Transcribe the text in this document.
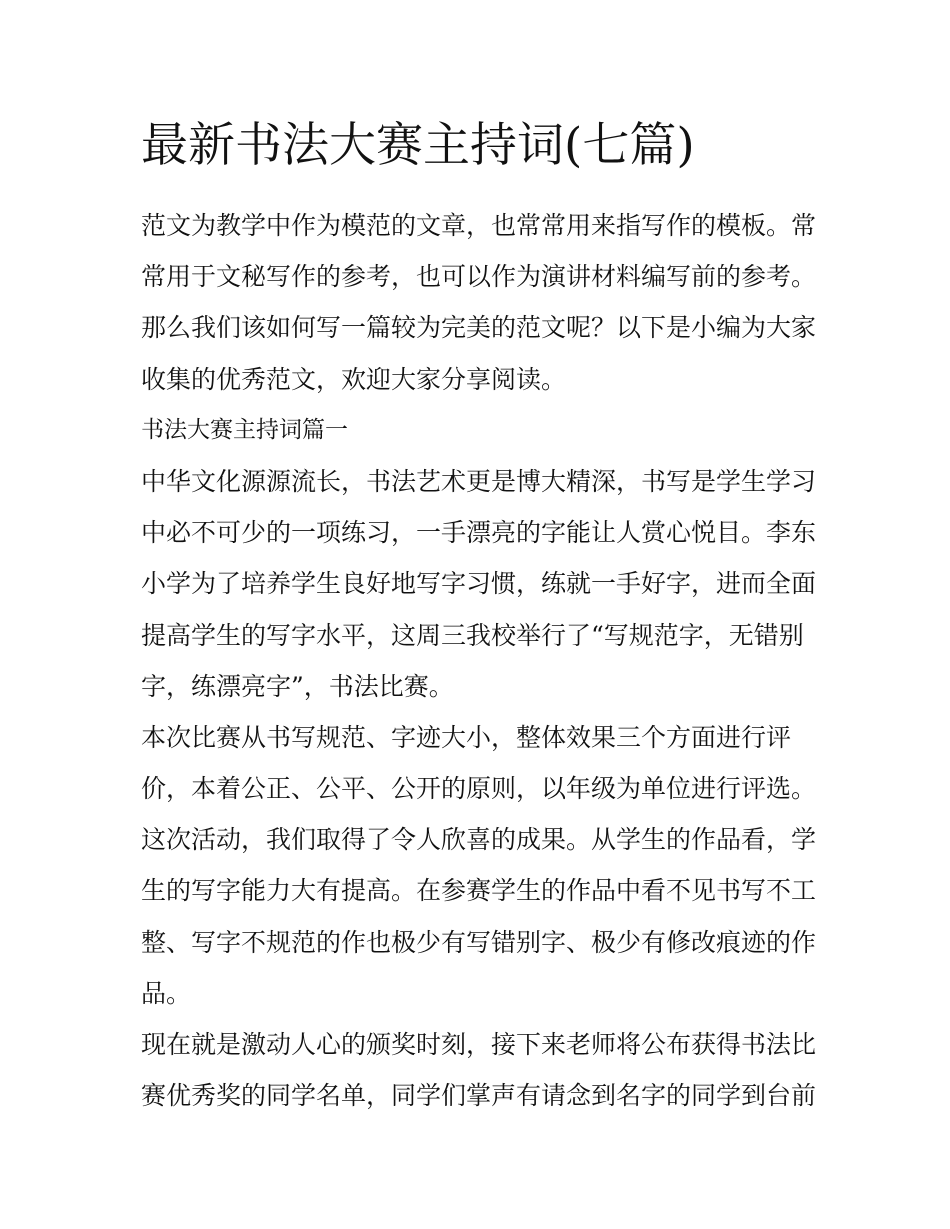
最新书法大赛主持词(七篇)
范文为教学中作为模范的文章，也常常用来指写作的模板。常
常用于文秘写作的参考，也可以作为演讲材料编写前的参考。
那么我们该如何写一篇较为完美的范文呢？以下是小编为大家
收集的优秀范文，欢迎大家分享阅读。
书法大赛主持词篇一
中华文化源源流长，书法艺术更是博大精深，书写是学生学习
中必不可少的一项练习，一手漂亮的字能让人赏心悦目。李东
小学为了培养学生良好地写字习惯，练就一手好字，进而全面
提高学生的写字水平，这周三我校举行了“写规范字，无错别
字，练漂亮字”，书法比赛。
本次比赛从书写规范、字迹大小，整体效果三个方面进行评
价，本着公正、公平、公开的原则，以年级为单位进行评选。
这次活动，我们取得了令人欣喜的成果。从学生的作品看，学
生的写字能力大有提高。在参赛学生的作品中看不见书写不工
整、写字不规范的作也极少有写错别字、极少有修改痕迹的作
品。
现在就是激动人心的颁奖时刻，接下来老师将公布获得书法比
赛优秀奖的同学名单，同学们掌声有请念到名字的同学到台前
